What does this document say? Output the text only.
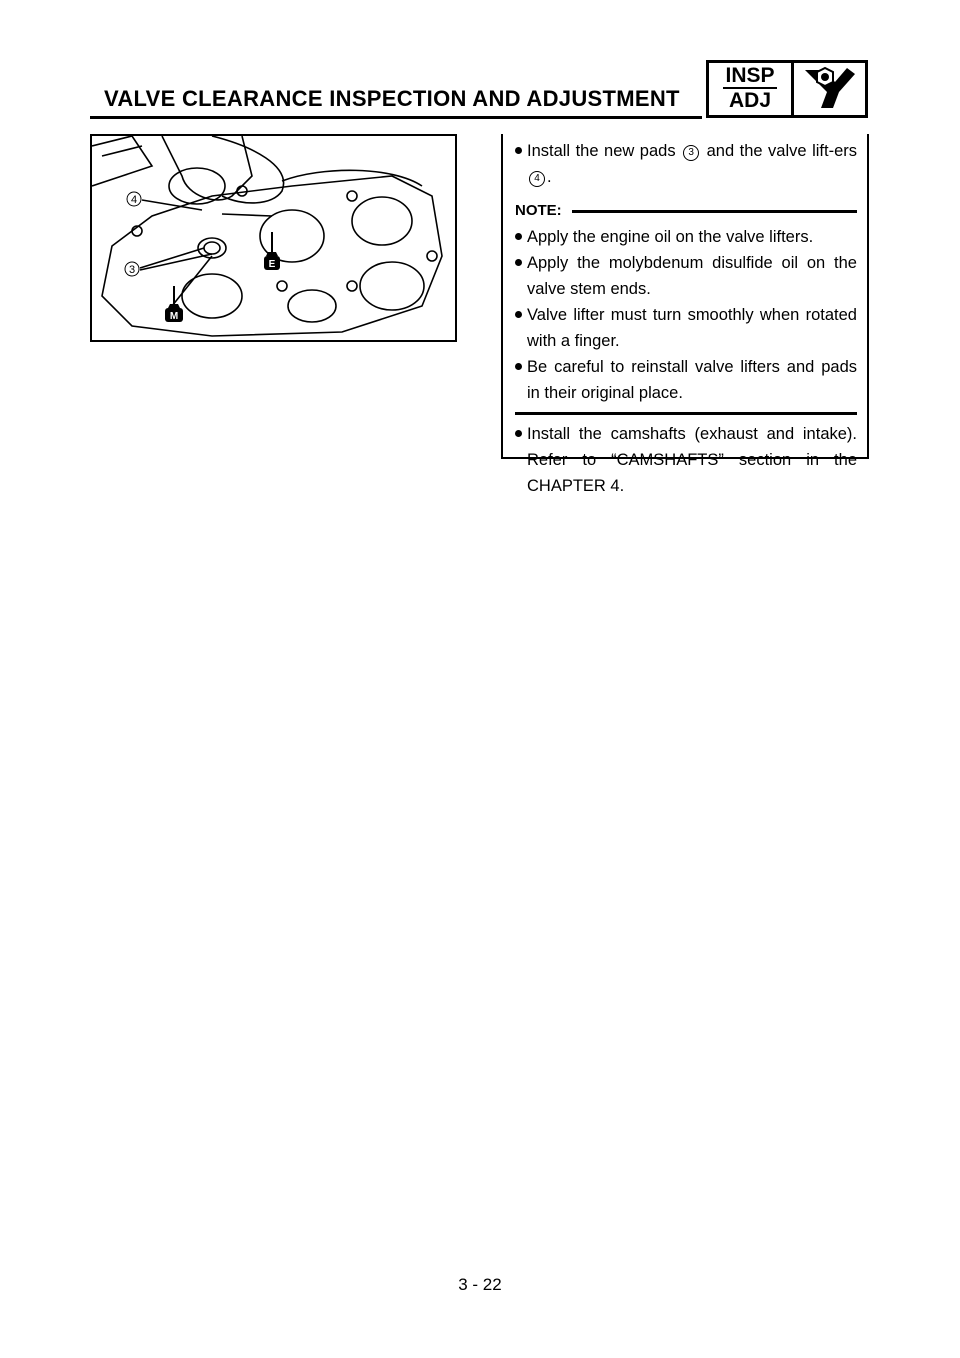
VALVE CLEARANCE INSPECTION AND ADJUSTMENT
INSP
ADJ
4
3	E
M
Install the new pads 3 and the valve lift-ers 4 .
NOTE:
Apply the engine oil on the valve lifters.
Apply the molybdenum disulfide oil on the valve stem ends.
Valve lifter must turn smoothly when rotated with a finger.
Be careful to reinstall valve lifters and pads in their original place.
Install the camshafts (exhaust and intake). Refer to “CAMSHAFTS” section in the CHAPTER 4.
3 - 22
